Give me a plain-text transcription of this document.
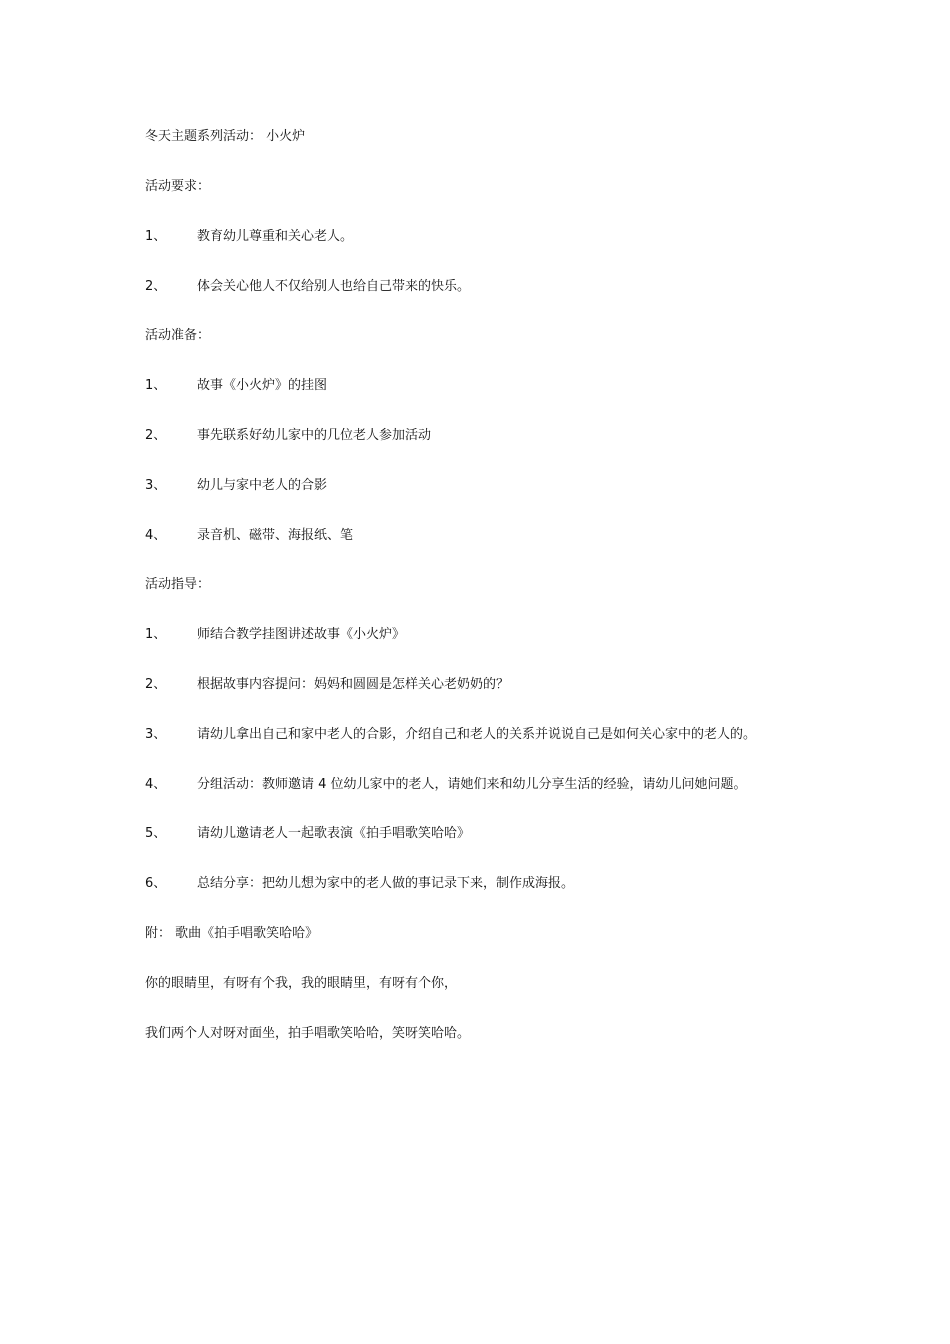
冬天主题系列活动： 小火炉
活动要求：
1、 教育幼儿尊重和关心老人。
2、 体会关心他人不仅给别人也给自己带来的快乐。
活动准备：
1、 故事《小火炉》的挂图
2、 事先联系好幼儿家中的几位老人参加活动
3、 幼儿与家中老人的合影
4、 录音机、磁带、海报纸、笔
活动指导：
1、 师结合教学挂图讲述故事《小火炉》
2、 根据故事内容提问：妈妈和圆圆是怎样关心老奶奶的？
3、 请幼儿拿出自己和家中老人的合影，介绍自己和老人的关系并说说自己是如何关心家中的老人的。
4、 分组活动：教师邀请 4 位幼儿家中的老人，请她们来和幼儿分享生活的经验，请幼儿问她问题。
5、 请幼儿邀请老人一起歌表演《拍手唱歌笑哈哈》
6、 总结分享：把幼儿想为家中的老人做的事记录下来，制作成海报。
附： 歌曲《拍手唱歌笑哈哈》
你的眼睛里，有呀有个我，我的眼睛里，有呀有个你，
我们两个人对呀对面坐，拍手唱歌笑哈哈，笑呀笑哈哈。
